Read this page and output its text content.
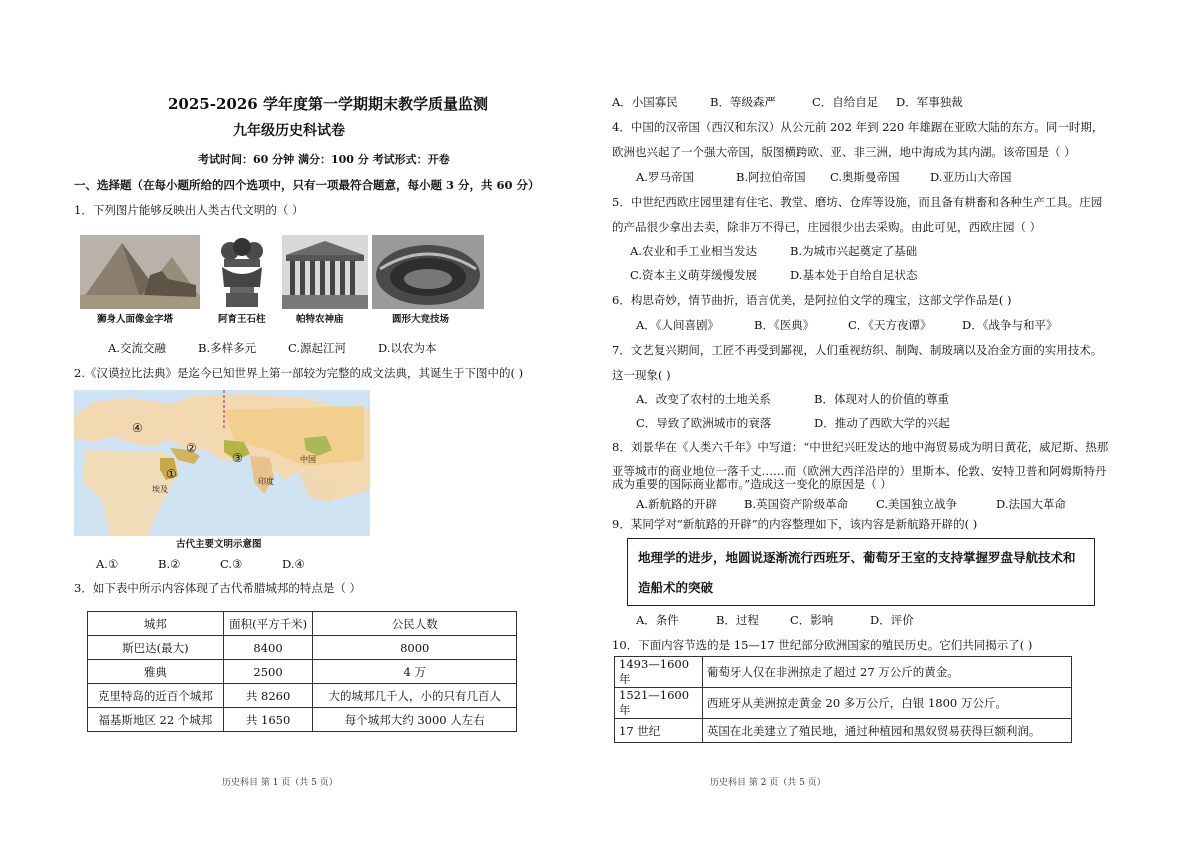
2025-2026 学年度第一学期期末教学质量监测
九年级历史科试卷
考试时间：60 分钟 满分：100 分 考试形式：开卷
一、选择题（在每小题所给的四个选项中，只有一项最符合题意，每小题 3 分，共 60 分）
1．下列图片能够反映出人类古代文明的（ ）
狮身人面像金字塔	阿育王石柱	帕特农神庙	圆形大竞技场
A.交流交融	B.多样多元	C.源起江河	D.以农为本
2.《汉谟拉比法典》是迄今已知世界上第一部较为完整的成文法典，其诞生于下图中的( )
④
②
③
①
中国
印度
埃及
古代主要文明示意图
A.①	B.②	C.③	D.④
3．如下表中所示内容体现了古代希腊城邦的特点是（ ）
城邦	面积(平方千米)	公民人数
斯巴达(最大)	8400	8000
雅典	2500	4 万
克里特岛的近百个城邦	共 8260	大的城邦几千人，小的只有几百人
福基斯地区 22 个城邦	共 1650	每个城邦大约 3000 人左右
历史科目 第 1 页（共 5 页）
A．小国寡民	B．等级森严	C．自给自足 D．军事独裁
4．中国的汉帝国（西汉和东汉）从公元前 202 年到 220 年雄踞在亚欧大陆的东方。同一时期，
欧洲也兴起了一个强大帝国，版图横跨欧、亚、非三洲，地中海成为其内湖。该帝国是（ ）
A.罗马帝国	B.阿拉伯帝国 C.奥斯曼帝国	D.亚历山大帝国
5．中世纪西欧庄园里建有住宅、教堂、磨坊、仓库等设施，而且备有耕畜和各种生产工具。庄园
的产品很少拿出去卖，除非万不得已，庄园很少出去采购。由此可见，西欧庄园（ ）
A.农业和手工业相当发达	B.为城市兴起奠定了基础
C.资本主义萌芽缓慢发展	D.基本处于自给自足状态
6．构思奇妙，情节曲折，语言优美，是阿拉伯文学的瑰宝，这部文学作品是( )
A．《人间喜剧》	B．《医典》	C．《天方夜谭》	D．《战争与和平》
7．文艺复兴期间，工匠不再受到鄙视，人们重视纺织、制陶、制玻璃以及冶金方面的实用技术。
这一现象( )
A．改变了农村的土地关系	B．体现对人的价值的尊重
C．导致了欧洲城市的衰落	D．推动了西欧大学的兴起
8．刘景华在《人类六千年》中写道：“中世纪兴旺发达的地中海贸易成为明日黄花，威尼斯、热那
亚等城市的商业地位一落千丈……而（欧洲大西洋沿岸的）里斯本、伦敦、安特卫普和阿姆斯特丹
成为重要的国际商业都市。”造成这一变化的原因是（ ）
A.新航路的开辟 B.英国资产阶级革命 C.美国独立战争	D.法国大革命
9．某同学对“新航路的开辟”的内容整理如下，该内容是新航路开辟的( )
地理学的进步，地圆说逐渐流行西班牙、葡萄牙王室的支持掌握罗盘导航技术和造船术的突破
A．条件	B．过程	C．影响	D．评价
10．下面内容节选的是 15—17 世纪部分欧洲国家的殖民历史。它们共同揭示了( )
1493—1600 年	葡萄牙人仅在非洲掠走了超过 27 万公斤的黄金。
1521—1600 年	西班牙从美洲掠走黄金 20 多万公斤，白银 1800 万公斤。
17 世纪	英国在北美建立了殖民地，通过种植园和黑奴贸易获得巨额利润。
历史科目 第 2 页（共 5 页）
